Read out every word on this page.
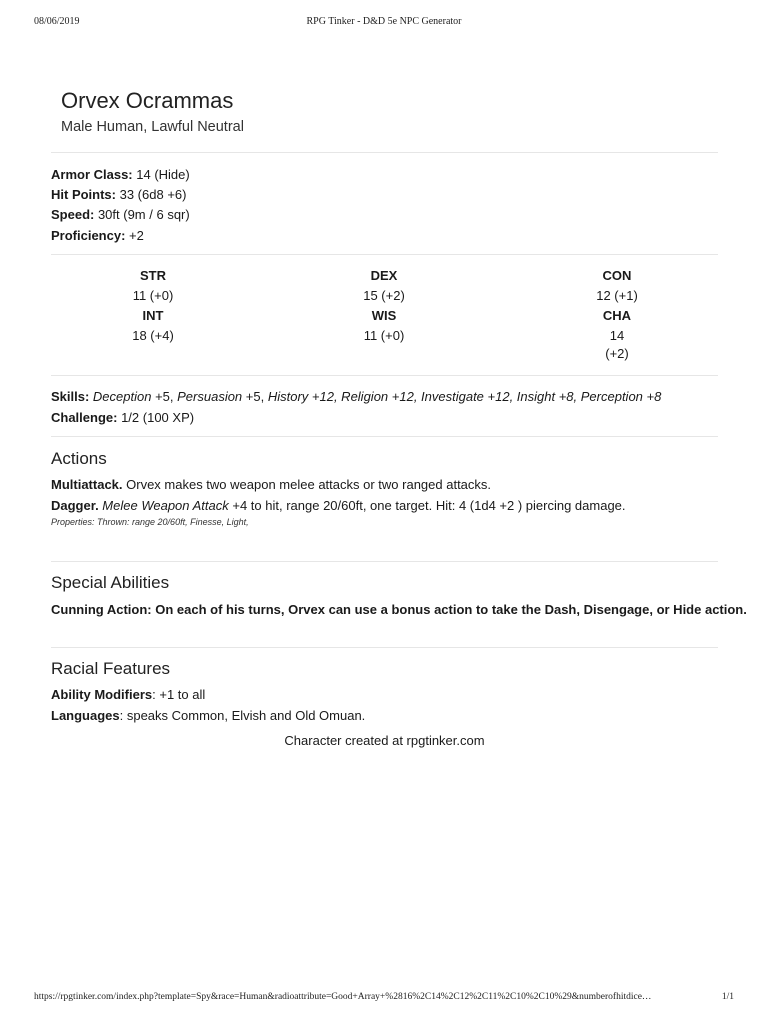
08/06/2019	RPG Tinker - D&D 5e NPC Generator
Orvex Ocrammas
Male Human, Lawful Neutral
Armor Class: 14 (Hide)
Hit Points: 33 (6d8 +6)
Speed: 30ft (9m / 6 sqr)
Proficiency: +2
STR
11 (+0)
DEX
15 (+2)
CON
12 (+1)
INT
18 (+4)
WIS
11 (+0)
CHA
14
(+2)
Skills: Deception +5, Persuasion +5, History +12, Religion +12, Investigate +12, Insight +8, Perception +8
Challenge: 1/2 (100 XP)
Actions
Multiattack. Orvex makes two weapon melee attacks or two ranged attacks.
Dagger. Melee Weapon Attack +4 to hit, range 20/60ft, one target. Hit: 4 (1d4 +2 ) piercing damage.
Properties: Thrown: range 20/60ft, Finesse, Light,
Special Abilities
Cunning Action: On each of his turns, Orvex can use a bonus action to take the Dash, Disengage, or Hide action.
Racial Features
Ability Modifiers: +1 to all
Languages: speaks Common, Elvish and Old Omuan.
Character created at rpgtinker.com
https://rpgtinker.com/index.php?template=Spy&race=Human&radioattribute=Good+Array+%2816%2C14%2C12%2C11%2C10%2C10%29&numberofhitdice…	1/1
